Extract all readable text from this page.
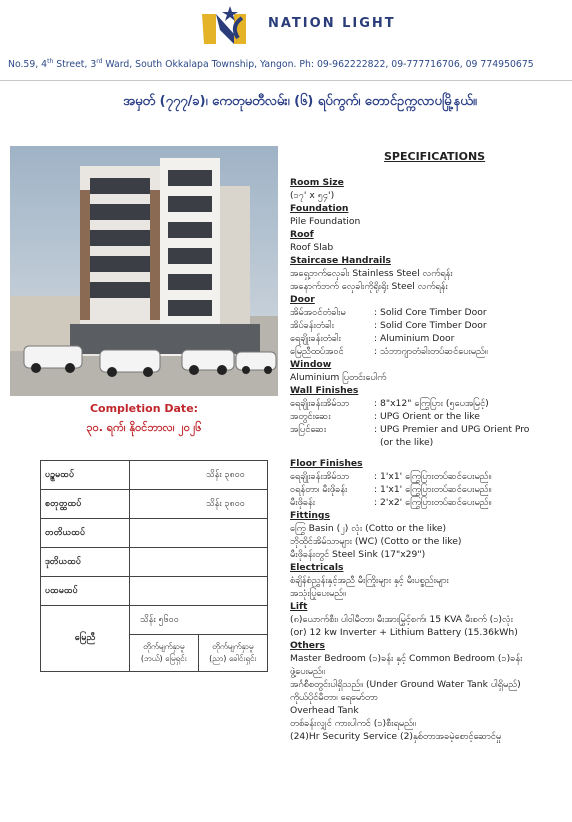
NATION LIGHT
No.59, 4th Street, 3rd Ward, South Okkalapa Township, Yangon. Ph: 09-962222822, 09-777716706, 09 774950675
အမှတ် (၇၇၇/ခ)၊ ကေတုမတီလမ်း၊ (၆) ရပ်ကွက်၊ တောင်ဥက္ကလာပမြို့နယ်။
Completion Date:
၃၀. ရက်၊ နိုဝင်ဘာလ၊ ၂၀၂၆
ပဥ္စမထပ်	သိန်း ၃၈၀၀	
စတုတ္ထထပ်	သိန်း ၃၈၀၀	
တတိယထပ်		
ဒုတိယထပ်		
ပထမထပ်		
မြေညီ	သိန်း ၅၆၀၀	
	တိုက်မျက်နှာမူ (ဘယ်) မြေရှင်း	တိုက်မျက်နှာမူ (ညာ) ခေါင်းရှင်း
SPECIFICATIONS
Room Size
(၁၇' x ၅၄')
Foundation
Pile Foundation
Roof
Roof Slab
Staircase Handrails
အရှေ့ဘက်လှေခါး Stainless Steel လက်ရန်း
အနောက်ဘက် လှေခါးကိုရိုးရိုး Steel လက်ရန်း
Door
အိမ်အဝင်တံခါးမ	: Solid Core Timber Door
အိပ်ခန်းတံခါး	: Solid Core Timber Door
ရေချိုးခန်းတံခါး	: Aluminium Door
မြေညီထပ်အဝင်	: သံဘာဂျာတံခါးတပ်ဆင်ပေးမည်။
Window
Aluminium ပြတင်းပေါက်
Wall Finishes
ရေချိုးခန်းအိမ်သာ	: 8"x12" ကြွေပြား (၅ပေအမြင့်)
အတွင်းဆေး	: UPG Orient or the like
အပြင်ဆေး	: UPG Premier and UPG Orient Pro
(or the like)
Floor Finishes
ရေချိုးခန်းအိမ်သာ	: 1'x1' ကြွေပြားတပ်ဆင်ပေးမည်။
ဝရန်တာ၊ မီးဖိုခန်း	: 1'x1' ကြွေပြားတပ်ဆင်ပေးမည်။
မီးဖိုခန်း	: 2'x2' ကြွေပြားတပ်ဆင်ပေးမည်။
Fittings
ကြွေ Basin (၂) လုံး (Cotto or the like)
ဘိုထိုင်အိမ်သာများ (WC) (Cotto or the like)
မီးဖိုခန်းတွင် Steel Sink (17"x29")
Electricals
စံချိန်စံညွှန်းနှင့်အညီ မီးကြိုးများ နှင့် မီးပစ္စည်းများ
အသုံးပြုပေးမည်။
Lift
(၈)ယောက်စီး၊ ပါဝါမီတာ၊ မီးအားမြှင့်စက်၊ 15 KVA မီးစက် (၁)လုံး
(or) 12 kw Inverter + Lithium Battery (15.36kWh)
Others
Master Bedroom (၁)ခန်း နှင့် Common Bedroom (၁)ခန်း
ဖွဲ့ပေးမည်။
အင်္ဂစီစတွင်းပါရှိသည်။ (Under Ground Water Tank ပါရှိမည်)
ကိုယ်ပိုင်မီတာ၊ ရေမော်တာ
Overhead Tank
တစ်ခန်းလျှင် ကားပါကင် (၁)စီးရမည်။
(24)Hr Security Service (2)နှစ်တာအခမဲ့စောင့်ဆောင်မှု
